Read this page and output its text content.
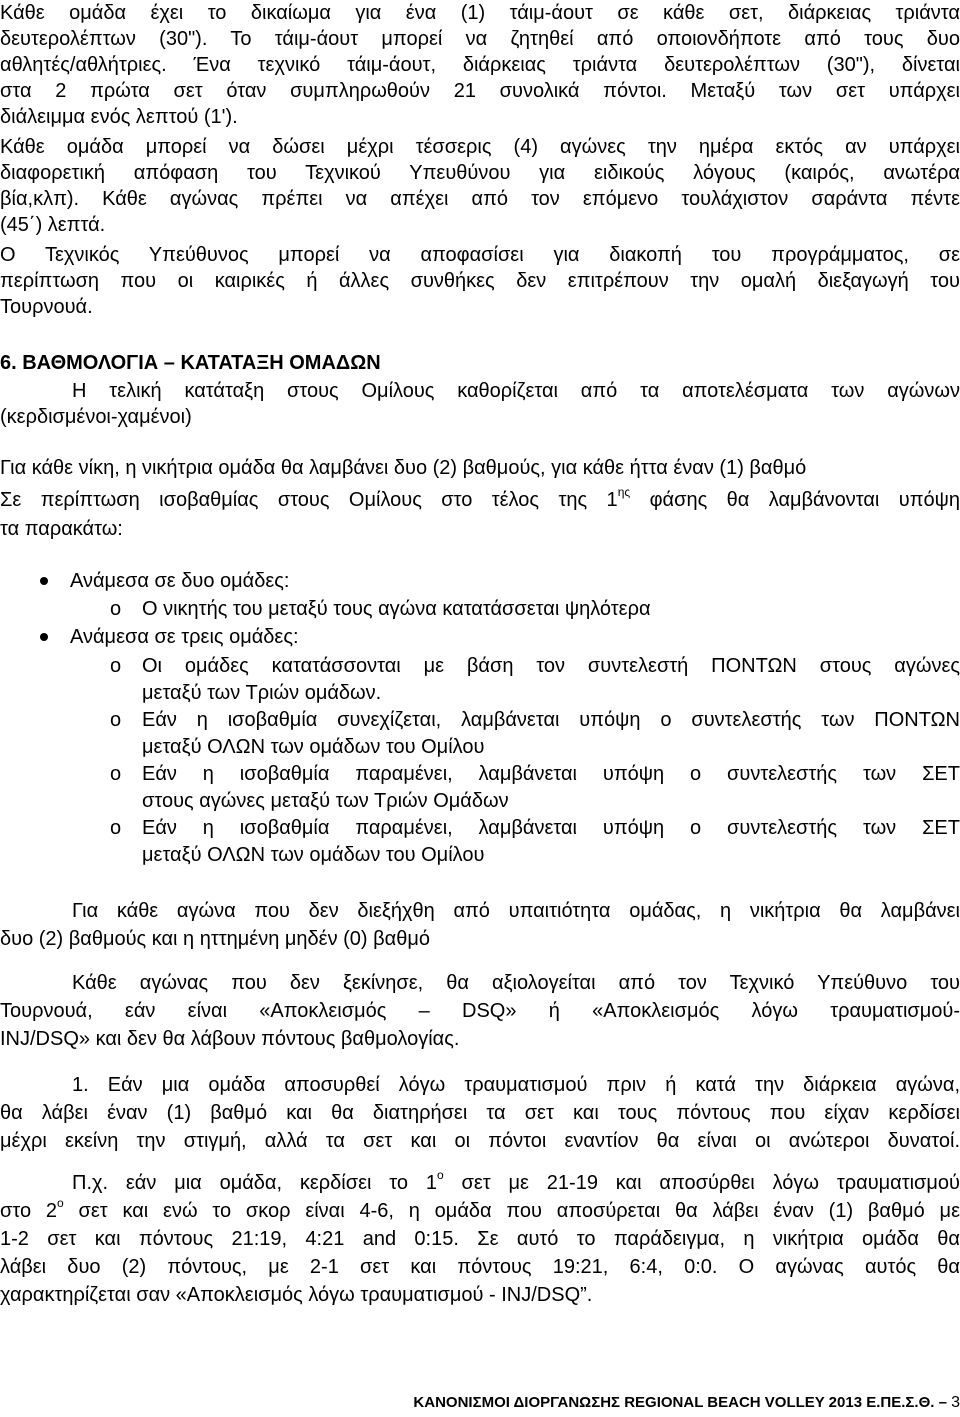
Κάθε ομάδα έχει το δικαίωμα για ένα (1) τάιμ-άουτ σε κάθε σετ, διάρκειας τριάντα

δευτερολέπτων (30"). Το τάιμ-άουτ μπορεί να ζητηθεί από οποιονδήποτε από τους δυο

αθλητές/αθλήτριες. Ένα τεχνικό τάιμ-άουτ, διάρκειας τριάντα δευτερολέπτων (30"), δίνεται

στα 2 πρώτα σετ όταν συμπληρωθούν 21 συνολικά πόντοι. Μεταξύ των σετ υπάρχει

διάλειμμα ενός λεπτού (1').

Κάθε ομάδα μπορεί να δώσει μέχρι τέσσερις (4) αγώνες την ημέρα εκτός αν υπάρχει

διαφορετική απόφαση του Τεχνικού Υπευθύνου για ειδικούς λόγους (καιρός, ανωτέρα

βία,κλπ). Κάθε αγώνας πρέπει να απέχει από τον επόμενο τουλάχιστον σαράντα πέντε

(45΄) λεπτά.

Ο Τεχνικός Υπεύθυνος μπορεί να αποφασίσει για διακοπή του προγράμματος, σε

περίπτωση που οι καιρικές ή άλλες συνθήκες δεν επιτρέπουν την ομαλή διεξαγωγή του

Τουρνουά.

6. ΒΑΘΜΟΛΟΓΙΑ – ΚΑΤΑΤΑΞΗ ΟΜΑΔΩΝ

Η τελική κατάταξη στους Ομίλους καθορίζεται από τα αποτελέσματα των αγώνων

(κερδισμένοι-χαμένοι)

Για κάθε νίκη, η νικήτρια ομάδα θα λαμβάνει δυο (2) βαθμούς, για κάθε ήττα έναν (1) βαθμό

Σε περίπτωση ισοβαθμίας στους Ομίλους στο τέλος της $1^{\eta\varsigma}$ φάσης θα λαμβάνονται υπόψη

τα παρακάτω:

Ανάμεσα σε δυο ομάδες:
o Ο νικητής του μεταξύ τους αγώνα κατατάσσεται ψηλότερα
Ανάμεσα σε τρεις ομάδες:
o Οι ομάδες κατατάσσονται με βάση τον συντελεστή ΠΟΝΤΩΝ στους αγώνες
μεταξύ των Τριών ομάδων.
o Εάν η ισοβαθμία συνεχίζεται, λαμβάνεται υπόψη ο συντελεστής των ΠΟΝΤΩΝ
μεταξύ ΟΛΩΝ των ομάδων του Ομίλου
o Εάν η ισοβαθμία παραμένει, λαμβάνεται υπόψη ο συντελεστής των ΣΕΤ
στους αγώνες μεταξύ των Τριών Ομάδων
o Εάν η ισοβαθμία παραμένει, λαμβάνεται υπόψη ο συντελεστής των ΣΕΤ
μεταξύ ΟΛΩΝ των ομάδων του Ομίλου

Για κάθε αγώνα που δεν διεξήχθη από υπαιτιότητα ομάδας, η νικήτρια θα λαμβάνει

δυο (2) βαθμούς και η ηττημένη μηδέν (0) βαθμό

Κάθε αγώνας που δεν ξεκίνησε, θα αξιολογείται από τον Τεχνικό Υπεύθυνο του

Τουρνουά, εάν είναι «Αποκλεισμός – DSQ» ή «Αποκλεισμός λόγω τραυματισμού-

INJ/DSQ» και δεν θα λάβουν πόντους βαθμολογίας.

1. Εάν μια ομάδα αποσυρθεί λόγω τραυματισμού πριν ή κατά την διάρκεια αγώνα,

θα λάβει έναν (1) βαθμό και θα διατηρήσει τα σετ και τους πόντους που είχαν κερδίσει

μέχρι εκείνη την στιγμή, αλλά τα σετ και οι πόντοι εναντίον θα είναι οι ανώτεροι δυνατοί.

Π.χ. εάν μια ομάδα, κερδίσει το $1^o$ σετ με 21-19 και αποσύρθει λόγω τραυματισμού

στο $2^o$ σετ και ενώ το σκορ είναι 4-6, η ομάδα που αποσύρεται θα λάβει έναν (1) βαθμό με

1-2 σετ και πόντους 21:19, 4:21 and 0:15. Σε αυτό το παράδειγμα, η νικήτρια ομάδα θα

λάβει δυο (2) πόντους, με 2-1 σετ και πόντους 19:21, 6:4, 0:0. Ο αγώνας αυτός θα

χαρακτηρίζεται σαν «Αποκλεισμός λόγω τραυματισμού - INJ/DSQ”.

ΚΑΝΟΝΙΣΜΟΙ ΔΙΟΡΓΑΝΩΣΗΣ REGIONAL BEACH VOLLEY 2013 Ε.ΠΕ.Σ.Θ. – 3
